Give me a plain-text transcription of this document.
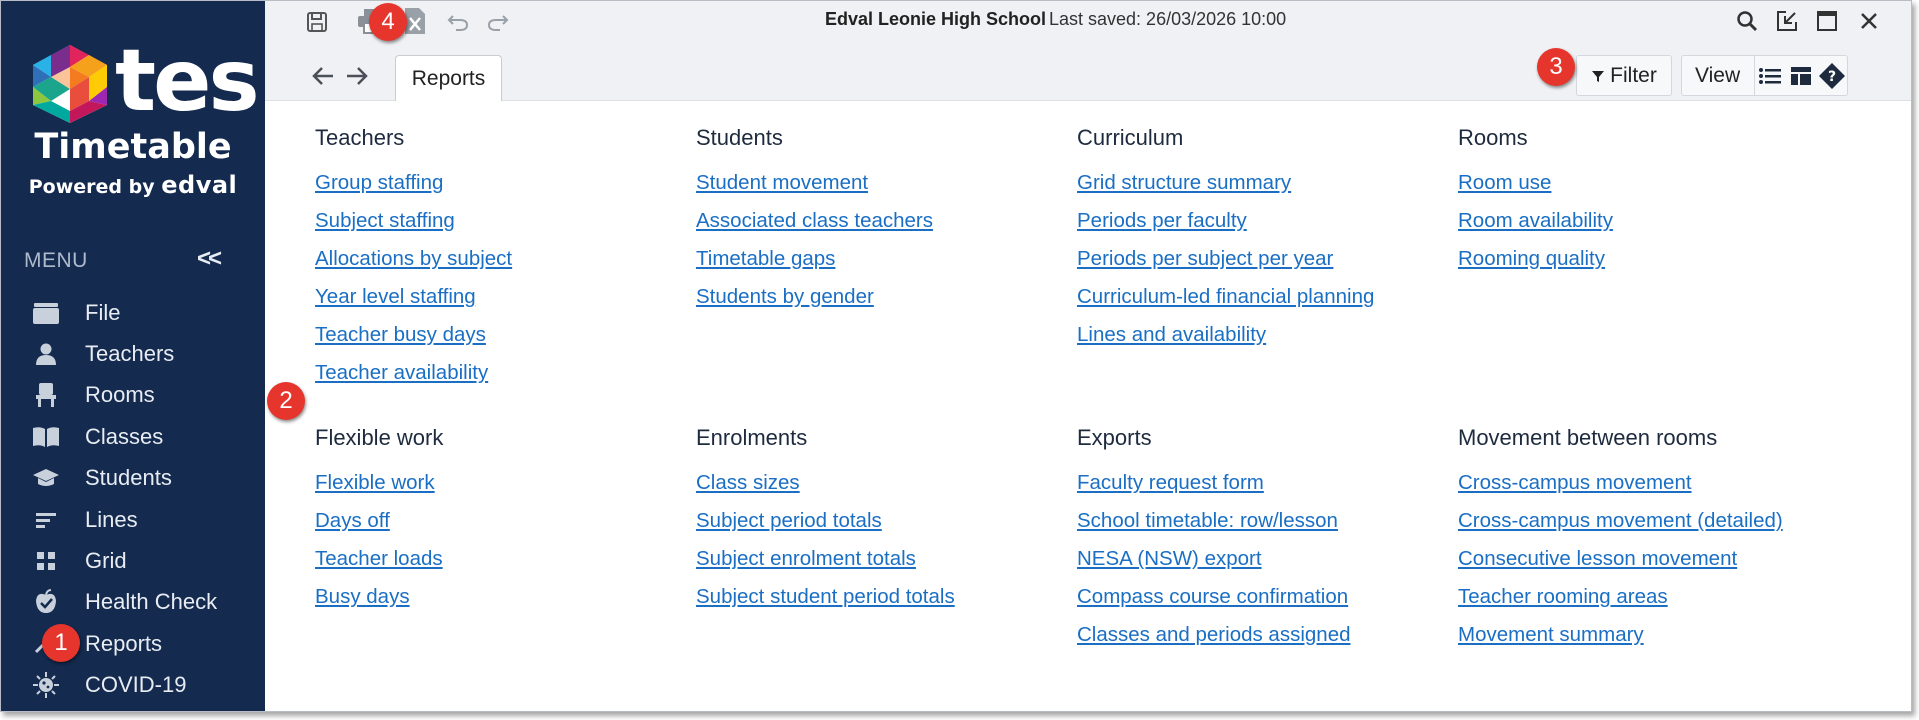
tes
Timetable
Powered by edval
MENU	<<
File
Teachers
Rooms
Classes
Students
Lines
Grid
Health Check
Reports
COVID-19
Edval Leonie High School Last saved: 26/03/2026 10:00
Reports	Filter	View	?
Teachers
Group staffing
Subject staffing
Allocations by subject
Year level staffing
Teacher busy days
Teacher availability
Students
Student movement
Associated class teachers
Timetable gaps
Students by gender
Curriculum
Grid structure summary
Periods per faculty
Periods per subject per year
Curriculum-led financial planning
Lines and availability
Rooms
Room use
Room availability
Rooming quality
Flexible work
Flexible work
Days off
Teacher loads
Busy days
Enrolments
Class sizes
Subject period totals
Subject enrolment totals
Subject student period totals
Exports
Faculty request form
School timetable: row/lesson
NESA (NSW) export
Compass course confirmation
Classes and periods assigned
Movement between rooms
Cross-campus movement
Cross-campus movement (detailed)
Consecutive lesson movement
Teacher rooming areas
Movement summary
1
2
3
4
